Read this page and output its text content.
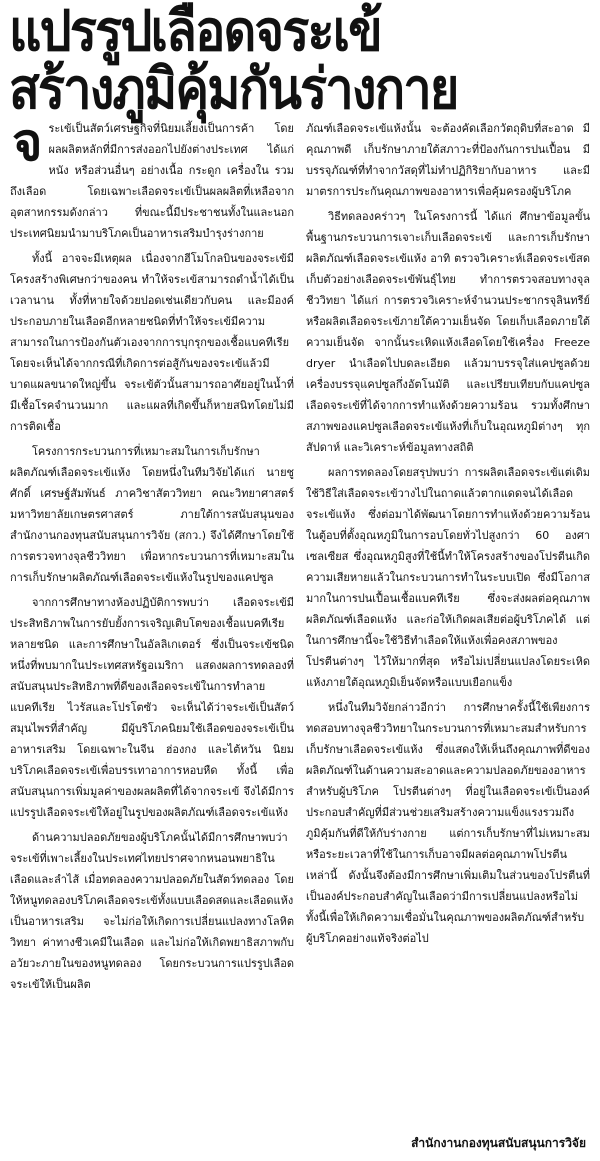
แปรรูปเลือดจระเข้
สร้างภูมิคุ้มกันร่างกาย

จระเข้เป็นสัตว์เศรษฐกิจที่นิยมเลี้ยงเป็นการค้า โดยผลผลิตหลักที่มีการส่งออกไปยังต่างประเทศ ได้แก่ หนัง หรือส่วนอื่นๆ อย่างเนื้อ กระดูก เครื่องใน รวมถึงเลือด โดยเฉพาะเลือดจระเข้เป็นผลผลิตที่เหลือจากอุตสาหกรรมดังกล่าว ที่ขณะนี้มีประชาชนทั้งในและนอกประเทศนิยมนำมาบริโภคเป็นอาหารเสริมบำรุงร่างกาย

ทั้งนี้ อาจจะมีเหตุผล เนื่องจากฮีโมโกลบินของจระเข้มีโครงสร้างพิเศษกว่าของคน ทำให้จระเข้สามารถดำน้ำได้เป็นเวลานาน ทั้งที่หายใจด้วยปอดเช่นเดียวกับคน และมีองค์ประกอบภายในเลือดอีกหลายชนิดที่ทำให้จระเข้มีความสามารถในการป้องกันตัวเองจากการบุกรุกของเชื้อแบคทีเรีย โดยจะเห็นได้จากกรณีที่เกิดการต่อสู้กันของจระเข้แล้วมีบาดแผลขนาดใหญ่ขึ้น จระเข้ตัวนั้นสามารถอาศัยอยู่ในน้ำที่มีเชื้อโรคจำนวนมาก และแผลที่เกิดขึ้นก็หายสนิทโดยไม่มีการติดเชื้อ

โครงการกระบวนการที่เหมาะสมในการเก็บรักษาผลิตภัณฑ์เลือดจระเข้แห้ง โดยหนึ่งในทีมวิจัยได้แก่ นายชูศักดิ์ เศรษฐ์สัมพันธ์ ภาควิชาสัตววิทยา คณะวิทยาศาสตร์ มหาวิทยาลัยเกษตรศาสตร์ ภายใต้การสนับสนุนของสำนักงานกองทุนสนับสนุนการวิจัย (สกว.) จึงได้ศึกษาโดยใช้การตรวจทางจุลชีววิทยา เพื่อหากระบวนการที่เหมาะสมในการเก็บรักษาผลิตภัณฑ์เลือดจระเข้แห้งในรูปของแคปซูล

จากการศึกษาทางห้องปฏิบัติการพบว่า เลือดจระเข้มีประสิทธิภาพในการยับยั้งการเจริญเติบโตของเชื้อแบคทีเรียหลายชนิด และการศึกษาในอัลลิเกเตอร์ ซึ่งเป็นจระเข้ชนิดหนึ่งที่พบมากในประเทศสหรัฐอเมริกา แสดงผลการทดลองที่สนับสนุนประสิทธิภาพที่ดีของเลือดจระเข้ในการทำลายแบคทีเรีย ไวรัสและโปรโตซัว จะเห็นได้ว่าจระเข้เป็นสัตว์สมุนไพรที่สำคัญ มีผู้บริโภคนิยมใช้เลือดของจระเข้เป็นอาหารเสริม โดยเฉพาะในจีน ฮ่องกง และไต้หวัน นิยมบริโภคเลือดจระเข้เพื่อบรรเทาอาการหอบหืด ทั้งนี้ เพื่อสนับสนุนการเพิ่มมูลค่าของผลผลิตที่ได้จากจระเข้ จึงได้มีการแปรรูปเลือดจระเข้ให้อยู่ในรูปของผลิตภัณฑ์เลือดจระเข้แห้ง

ด้านความปลอดภัยของผู้บริโภคนั้นได้มีการศึกษาพบว่า จระเข้ที่เพาะเลี้ยงในประเทศไทยปราศจากหนอนพยาธิในเลือดและลำไส้ เมื่อทดลองความปลอดภัยในสัตว์ทดลอง โดยให้หนูทดลองบริโภคเลือดจระเข้ทั้งแบบเลือดสดและเลือดแห้งเป็นอาหารเสริม จะไม่ก่อให้เกิดการเปลี่ยนแปลงทางโลหิตวิทยา ค่าทางชีวเคมีในเลือด และไม่ก่อให้เกิดพยาธิสภาพกับอวัยวะภายในของหนูทดลอง โดยกระบวนการแปรรูปเลือดจระเข้ให้เป็นผลิต

ภัณฑ์เลือดจระเข้แห้งนั้น จะต้องคัดเลือกวัตถุดิบที่สะอาด มีคุณภาพดี เก็บรักษาภายใต้สภาวะที่ป้องกันการปนเปื้อน มีบรรจุภัณฑ์ที่ทำจากวัสดุที่ไม่ทำปฏิกิริยากับอาหาร และมีมาตรการประกันคุณภาพของอาหารเพื่อคุ้มครองผู้บริโภค

วิธีทดลองคร่าวๆ ในโครงการนี้ ได้แก่ ศึกษาข้อมูลขั้นพื้นฐานกระบวนการเจาะเก็บเลือดจระเข้ และการเก็บรักษาผลิตภัณฑ์เลือดจระเข้แห้ง อาทิ ตรวจวิเคราะห์เลือดจระเข้สด เก็บตัวอย่างเลือดจระเข้พันธุ์ไทย ทำการตรวจสอบทางจุลชีววิทยา ได้แก่ การตรวจวิเคราะห์จำนวนประชากรจุลินทรีย์ หรือผลิตเลือดจระเข้ภายใต้ความเย็นจัด โดยเก็บเลือดภายใต้ความเย็นจัด จากนั้นระเหิดแห้งเลือดโดยใช้เครื่อง Freeze dryer นำเลือดไปบดละเอียด แล้วมาบรรจุใส่แคปซูลด้วยเครื่องบรรจุแคปซูลกึ่งอัตโนมัติ และเปรียบเทียบกับแคปซูลเลือดจระเข้ที่ได้จากการทำแห้งด้วยความร้อน รวมทั้งศึกษาสภาพของแคปซูลเลือดจระเข้แห้งที่เก็บในอุณหภูมิต่างๆ ทุกสัปดาห์ และวิเคราะห์ข้อมูลทางสถิติ

ผลการทดลองโดยสรุปพบว่า การผลิตเลือดจระเข้แต่เดิมใช้วิธีใส่เลือดจระเข้วางไปในถาดแล้วตากแดดจนได้เลือดจระเข้แห้ง ซึ่งต่อมาได้พัฒนาโดยการทำแห้งด้วยความร้อนในตู้อบที่ตั้งอุณหภูมิในการอบโดยทั่วไปสูงกว่า 60 องศาเซลเซียส ซึ่งอุณหภูมิสูงที่ใช้นี้ทำให้โครงสร้างของโปรตีนเกิดความเสียหายแล้วในกระบวนการทำในระบบเปิด ซึ่งมีโอกาสมากในการปนเปื้อนเชื้อแบคทีเรีย ซึ่งจะส่งผลต่อคุณภาพ ผลิตภัณฑ์เลือดแห้ง และก่อให้เกิดผลเสียต่อผู้บริโภคได้ แต่ในการศึกษานี้จะใช้วิธีทำเลือดให้แห้งเพื่อคงสภาพของโปรตีนต่างๆ ไว้ให้มากที่สุด หรือไม่เปลี่ยนแปลงโดยระเหิดแห้งภายใต้อุณหภูมิเย็นจัดหรือแบบเยือกแข็ง

หนึ่งในทีมวิจัยกล่าวอีกว่า การศึกษาครั้งนี้ใช้เพียงการทดสอบทางจุลชีววิทยาในกระบวนการที่เหมาะสมสำหรับการเก็บรักษาเลือดจระเข้แห้ง ซึ่งแสดงให้เห็นถึงคุณภาพที่ดีของผลิตภัณฑ์ในด้านความสะอาดและความปลอดภัยของอาหารสำหรับผู้บริโภค โปรตีนต่างๆ ที่อยู่ในเลือดจระเข้เป็นองค์ประกอบสำคัญที่มีส่วนช่วยเสริมสร้างความแข็งแรงรวมถึงภูมิคุ้มกันที่ดีให้กับร่างกาย แต่การเก็บรักษาที่ไม่เหมาะสมหรือระยะเวลาที่ใช้ในการเก็บอาจมีผลต่อคุณภาพโปรตีนเหล่านี้ ดังนั้นจึงต้องมีการศึกษาเพิ่มเติมในส่วนของโปรตีนที่เป็นองค์ประกอบสำคัญในเลือดว่ามีการเปลี่ยนแปลงหรือไม่ ทั้งนี้เพื่อให้เกิดความเชื่อมั่นในคุณภาพของผลิตภัณฑ์สำหรับผู้บริโภคอย่างแท้จริงต่อไป

สำนักงานกองทุนสนับสนุนการวิจัย
